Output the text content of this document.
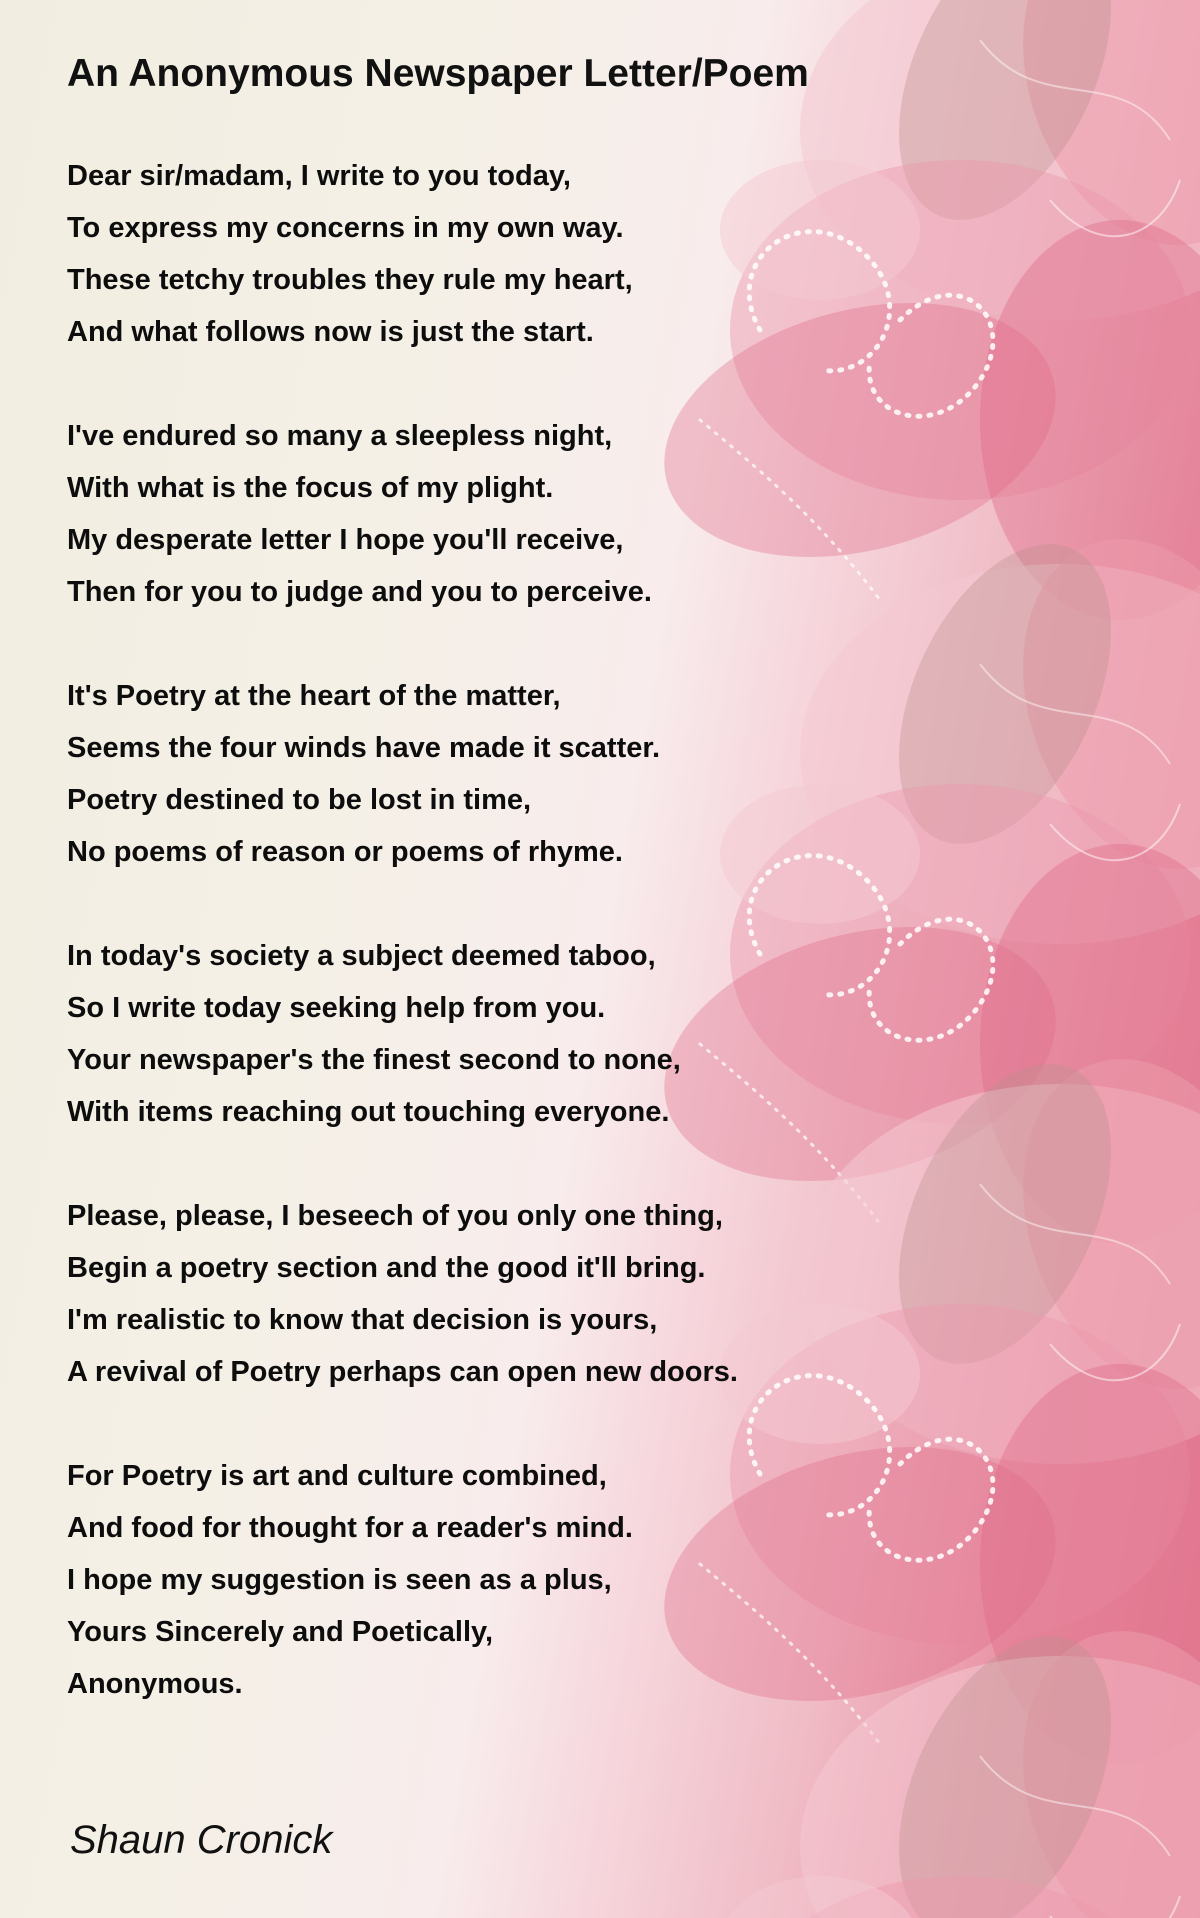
An Anonymous Newspaper Letter/Poem
Dear sir/madam, I write to you today,
To express my concerns in my own way.
These tetchy troubles they rule my heart,
And what follows now is just the start.
I've endured so many a sleepless night,
With what is the focus of my plight.
My desperate letter I hope you'll receive,
Then for you to judge and you to perceive.
It's Poetry at the heart of the matter,
Seems the four winds have made it scatter.
Poetry destined to be lost in time,
No poems of reason or poems of rhyme.
In today's society a subject deemed taboo,
So I write today seeking help from you.
Your newspaper's the finest second to none,
With items reaching out touching everyone.
Please, please, I beseech of you only one thing,
Begin a poetry section and the good it'll bring.
I'm realistic to know that decision is yours,
A revival of Poetry perhaps can open new doors.
For Poetry is art and culture combined,
And food for thought for a reader's mind.
I hope my suggestion is seen as a plus,
Yours Sincerely and Poetically,
Anonymous.
Shaun Cronick
